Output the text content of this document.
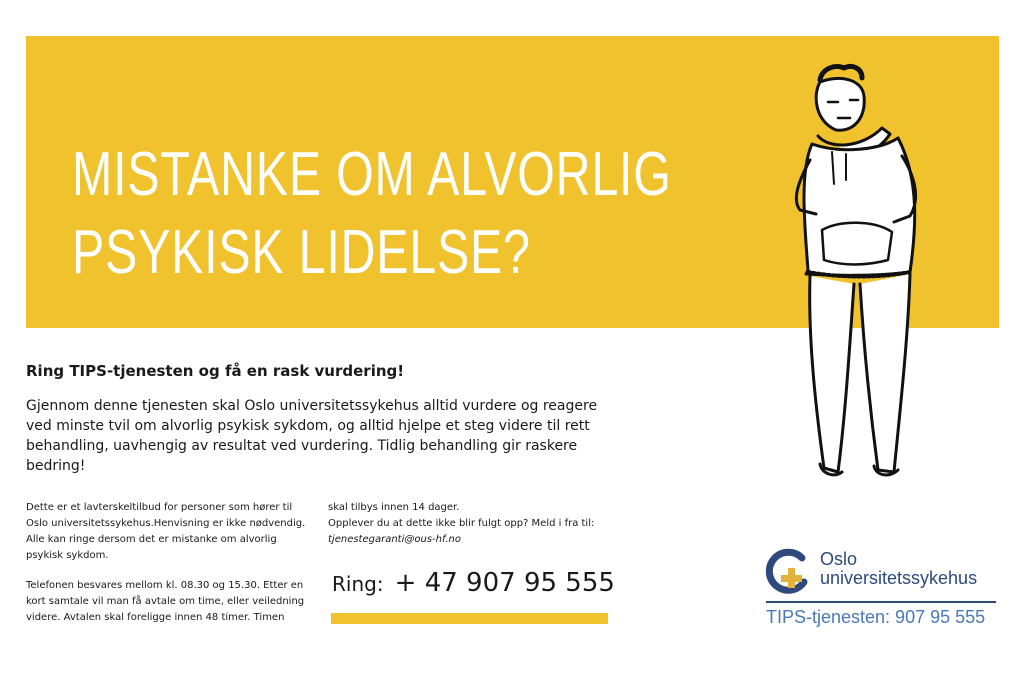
MISTANKE OM ALVORLIG
PSYKISK LIDELSE?
Ring TIPS-tjenesten og få en rask vurdering!
Gjennom denne tjenesten skal Oslo universitetssykehus alltid vurdere og reagere ved minste tvil om alvorlig psykisk sykdom, og alltid hjelpe et steg videre til rett behandling, uavhengig av resultat ved vurdering. Tidlig behandling gir raskere bedring!
Dette er et lavterskeltilbud for personer som hører til Oslo universitetssykehus.Henvisning er ikke nødvendig. Alle kan ringe dersom det er mistanke om alvorlig psykisk sykdom.
Telefonen besvares mellom kl. 08.30 og 15.30. Etter en kort samtale vil man få avtale om time, eller veiledning videre. Avtalen skal foreligge innen 48 timer. Timen
skal tilbys innen 14 dager.
Opplever du at dette ikke blir fulgt opp? Meld i fra til:
tjenestegaranti@ous-hf.no
Ring: + 47 907 95 555
Oslo
universitetssykehus
TIPS-tjenesten: 907 95 555
